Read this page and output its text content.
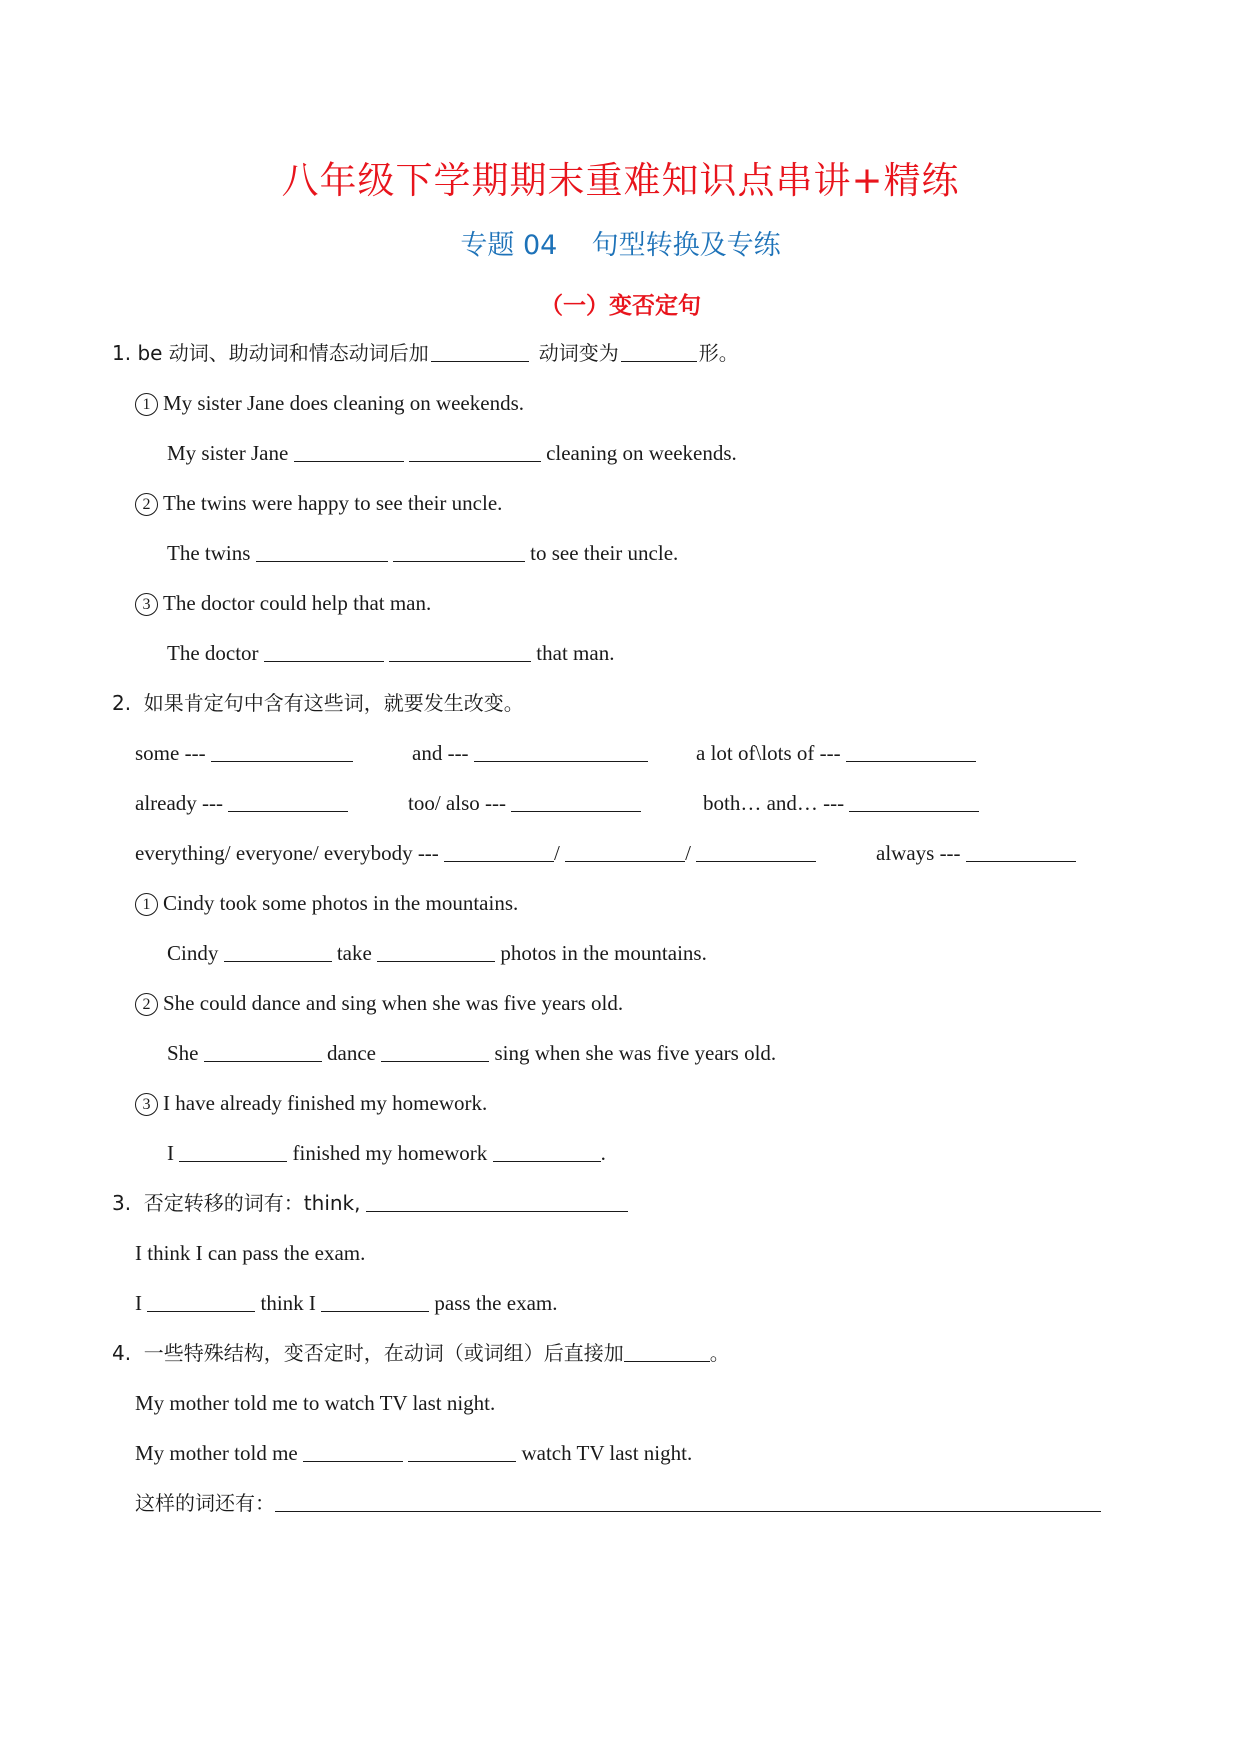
八年级下学期期末重难知识点串讲+精练
专题 04    句型转换及专练
（一）变否定句
1. be 动词、助动词和情态动词后加	动词变为	形。
1 My sister Jane does cleaning on weekends.
My sister Jane	cleaning on weekends.
2 The twins were happy to see their uncle.
The twins	to see their uncle.
3 The doctor could help that man.
The doctor	that man.
2.  如果肯定句中含有这些词，就要发生改变。
some ---	and ---	a lot of\lots of ---
already ---	too/ also ---	both… and… ---
everything/ everyone/ everybody ---	/	/	always ---
1 Cindy took some photos in the mountains.
Cindy	take	photos in the mountains.
2 She could dance and sing when she was five years old.
She	dance	sing when she was five years old.
3 I have already finished my homework.
I	finished my homework	.
3.  否定转移的词有：think,
I think I can pass the exam.
I	think I	pass the exam.
4.  一些特殊结构，变否定时，在动词（或词组）后直接加	。
My mother told me to watch TV last night.
My mother told me	watch TV last night.
这样的词还有：
